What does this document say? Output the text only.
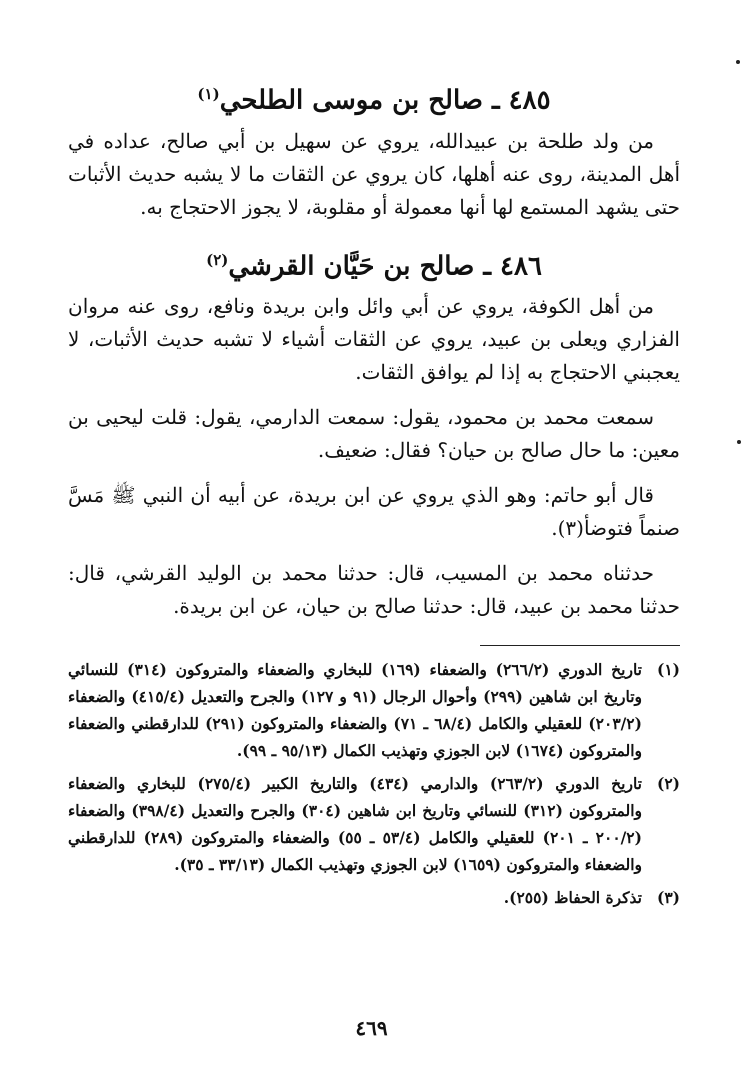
٤٨٥ ـ صالح بن موسى الطلحي$^{(١)}$

من ولد طلحة بن عبيدالله، يروي عن سهيل بن أبي صالح، عداده في أهل المدينة، روى عنه أهلها، كان يروي عن الثقات ما لا يشبه حديث الأثبات حتى يشهد المستمع لها أنها معمولة أو مقلوبة، لا يجوز الاحتجاج به.

٤٨٦ ـ صالح بن حَيَّان القرشي$^{(٢)}$

من أهل الكوفة، يروي عن أبي وائل وابن بريدة ونافع، روى عنه مروان الفزاري ويعلى بن عبيد، يروي عن الثقات أشياء لا تشبه حديث الأثبات، لا يعجبني الاحتجاج به إذا لم يوافق الثقات.

سمعت محمد بن محمود، يقول: سمعت الدارمي، يقول: قلت ليحيى بن معين: ما حال صالح بن حيان؟ فقال: ضعيف.

قال أبو حاتم: وهو الذي يروي عن ابن بريدة، عن أبيه أن النبي ﷺ مَسَّ صنماً فتوضأ(٣).

حدثناه محمد بن المسيب، قال: حدثنا محمد بن الوليد القرشي، قال: حدثنا محمد بن عبيد، قال: حدثنا صالح بن حيان، عن ابن بريدة.

(١)
تاريخ الدوري (٢٦٦/٢) والضعفاء (١٦٩) للبخاري والضعفاء والمتروكون (٣١٤) للنسائي وتاريخ ابن شاهين (٢٩٩) وأحوال الرجال (٩١ و ١٢٧) والجرح والتعديل (٤١٥/٤) والضعفاء (٢٠٣/٢) للعقيلي والكامل (٦٨/٤ ـ ٧١) والضعفاء والمتروكون (٢٩١) للدارقطني والضعفاء والمتروكون (١٦٧٤) لابن الجوزي وتهذيب الكمال (٩٥/١٣ ـ ٩٩).
(٢)
تاريخ الدوري (٢٦٣/٢) والدارمي (٤٣٤) والتاريخ الكبير (٢٧٥/٤) للبخاري والضعفاء والمتروكون (٣١٢) للنسائي وتاريخ ابن شاهين (٣٠٤) والجرح والتعديل (٣٩٨/٤) والضعفاء (٢٠٠/٢ ـ ٢٠١) للعقيلي والكامل (٥٣/٤ ـ ٥٥) والضعفاء والمتروكون (٢٨٩) للدارقطني والضعفاء والمتروكون (١٦٥٩) لابن الجوزي وتهذيب الكمال (٣٣/١٣ ـ ٣٥).
(٣)
تذكرة الحفاظ (٢٥٥).
٤٦٩
